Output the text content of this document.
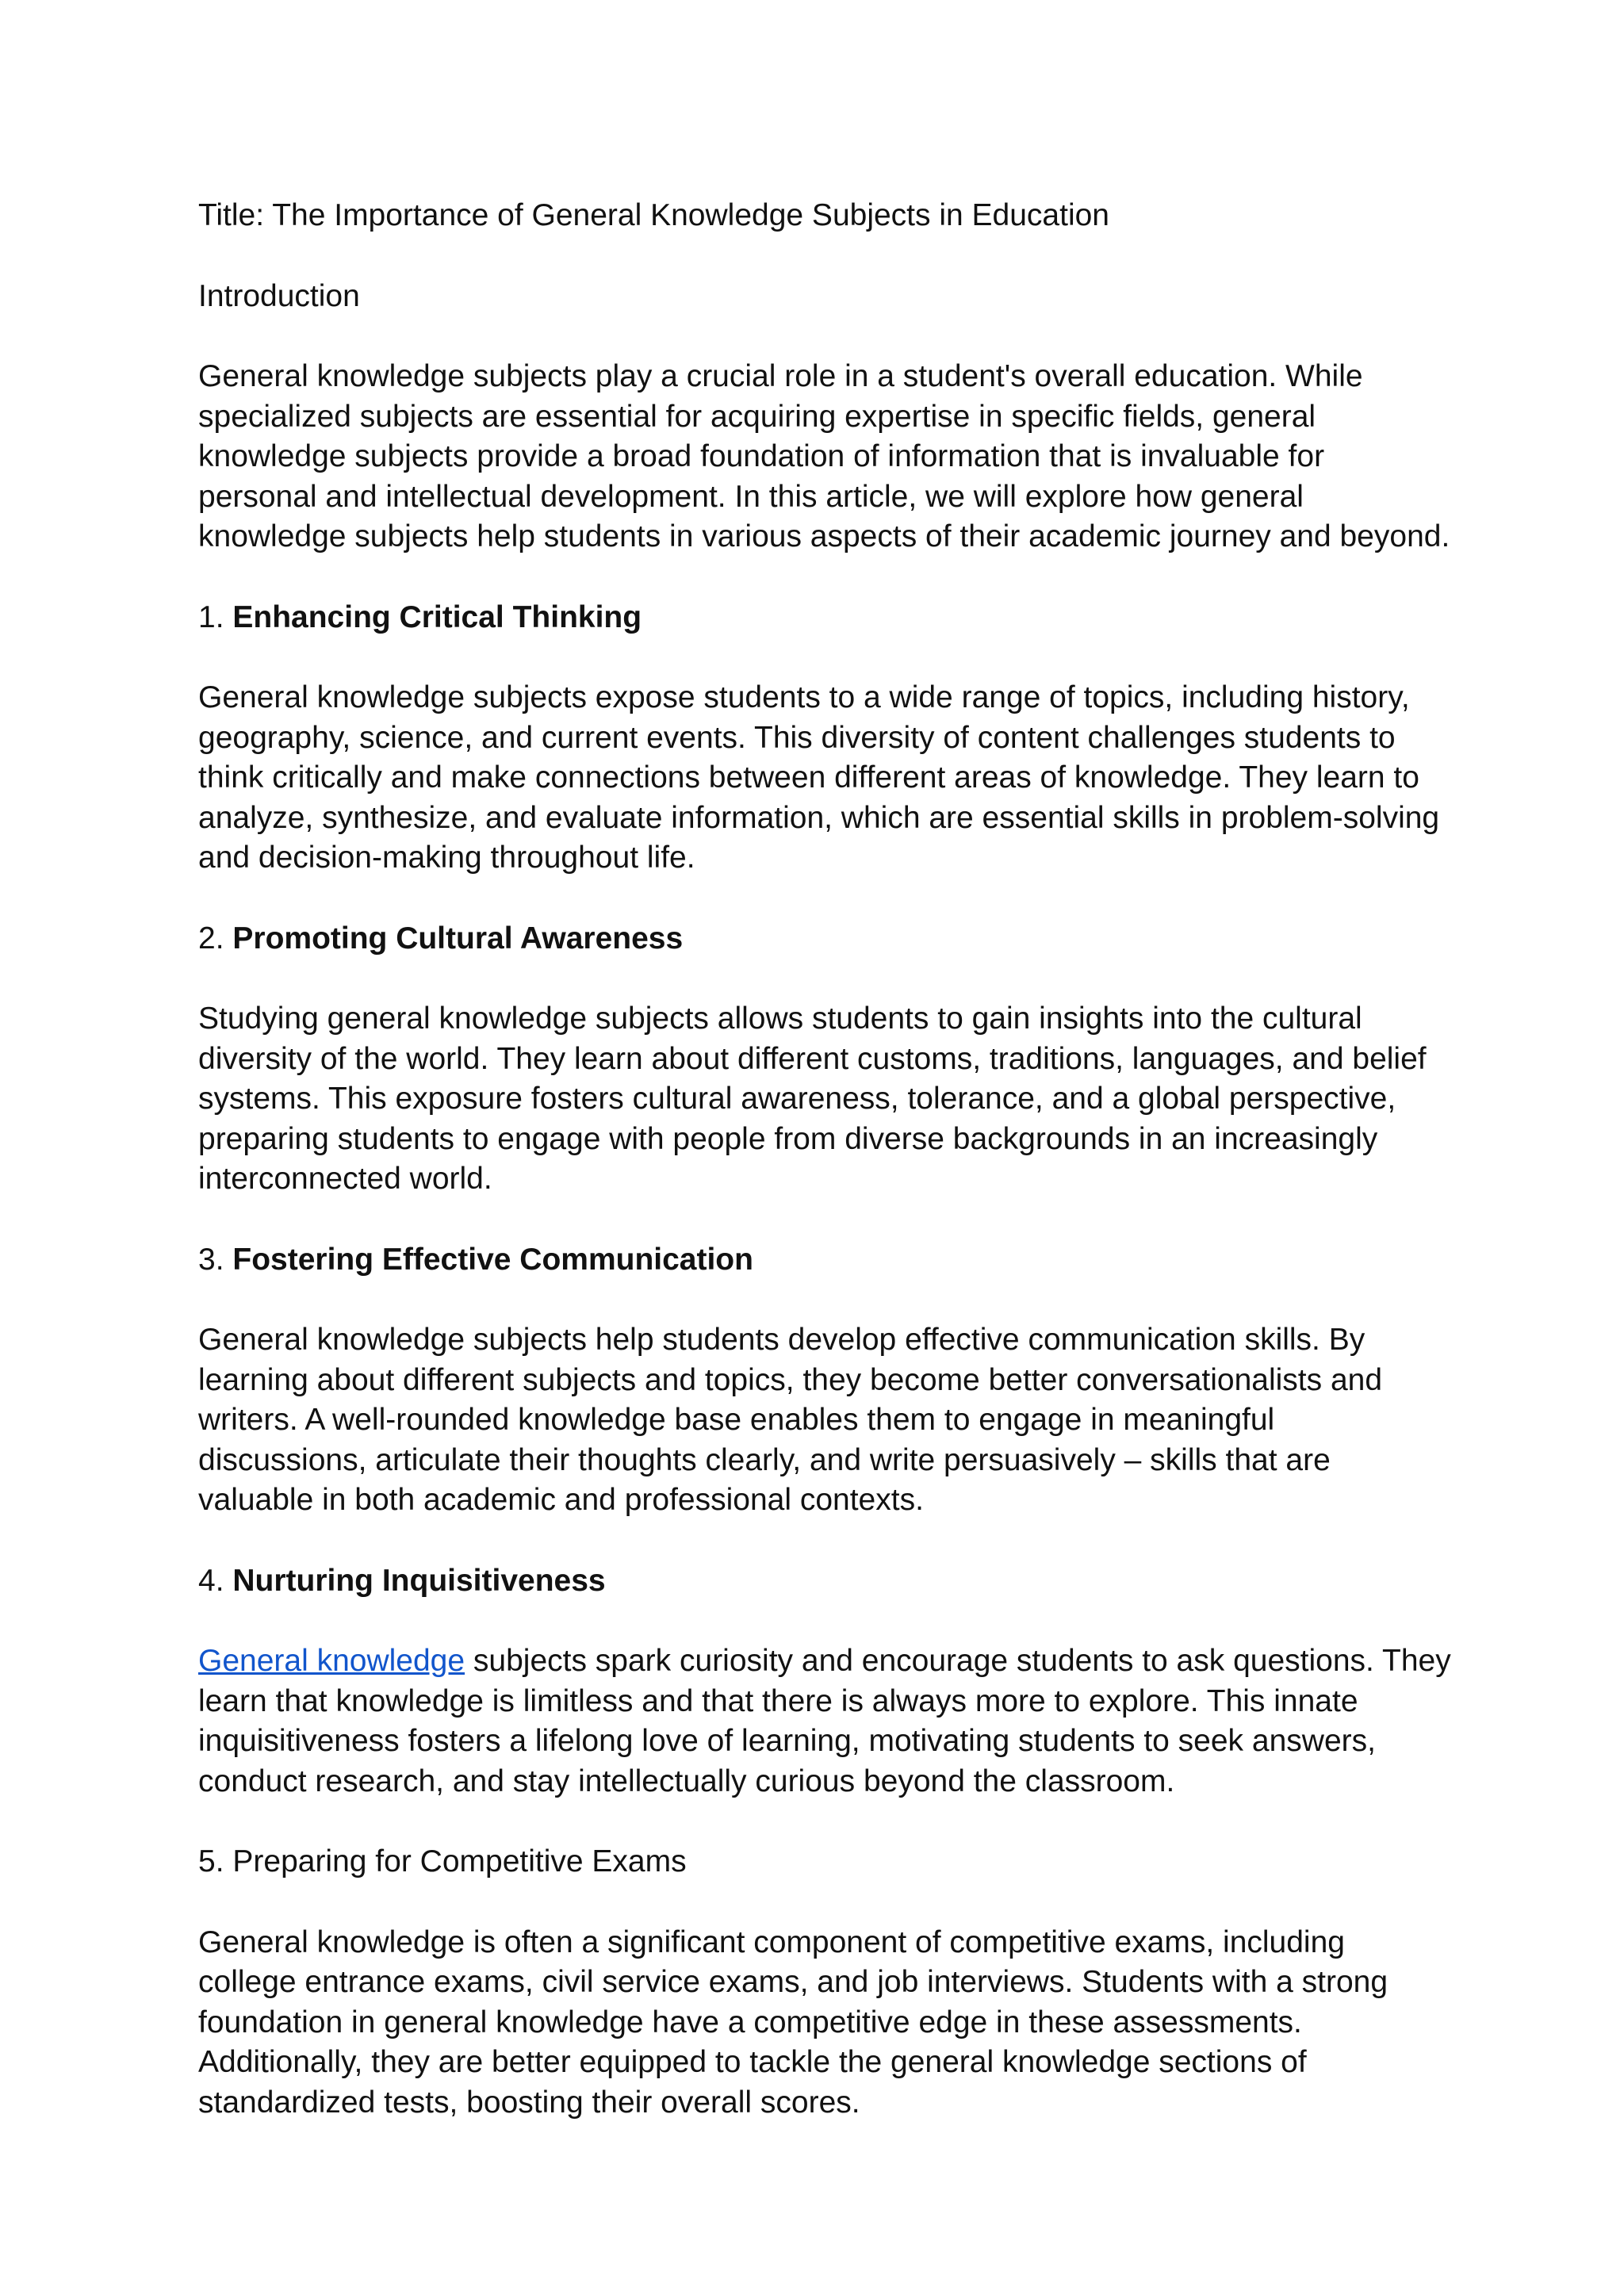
Title: The Importance of General Knowledge Subjects in Education

Introduction

General knowledge subjects play a crucial role in a student's overall education. While specialized subjects are essential for acquiring expertise in specific fields, general knowledge subjects provide a broad foundation of information that is invaluable for personal and intellectual development. In this article, we will explore how general knowledge subjects help students in various aspects of their academic journey and beyond.

1. Enhancing Critical Thinking

General knowledge subjects expose students to a wide range of topics, including history, geography, science, and current events. This diversity of content challenges students to think critically and make connections between different areas of knowledge. They learn to analyze, synthesize, and evaluate information, which are essential skills in problem-solving and decision-making throughout life.

2. Promoting Cultural Awareness

Studying general knowledge subjects allows students to gain insights into the cultural diversity of the world. They learn about different customs, traditions, languages, and belief systems. This exposure fosters cultural awareness, tolerance, and a global perspective, preparing students to engage with people from diverse backgrounds in an increasingly interconnected world.

3. Fostering Effective Communication

General knowledge subjects help students develop effective communication skills. By learning about different subjects and topics, they become better conversationalists and writers. A well-rounded knowledge base enables them to engage in meaningful discussions, articulate their thoughts clearly, and write persuasively – skills that are valuable in both academic and professional contexts.

4. Nurturing Inquisitiveness

General knowledge subjects spark curiosity and encourage students to ask questions. They learn that knowledge is limitless and that there is always more to explore. This innate inquisitiveness fosters a lifelong love of learning, motivating students to seek answers, conduct research, and stay intellectually curious beyond the classroom.

5. Preparing for Competitive Exams

General knowledge is often a significant component of competitive exams, including college entrance exams, civil service exams, and job interviews. Students with a strong foundation in general knowledge have a competitive edge in these assessments. Additionally, they are better equipped to tackle the general knowledge sections of standardized tests, boosting their overall scores.
